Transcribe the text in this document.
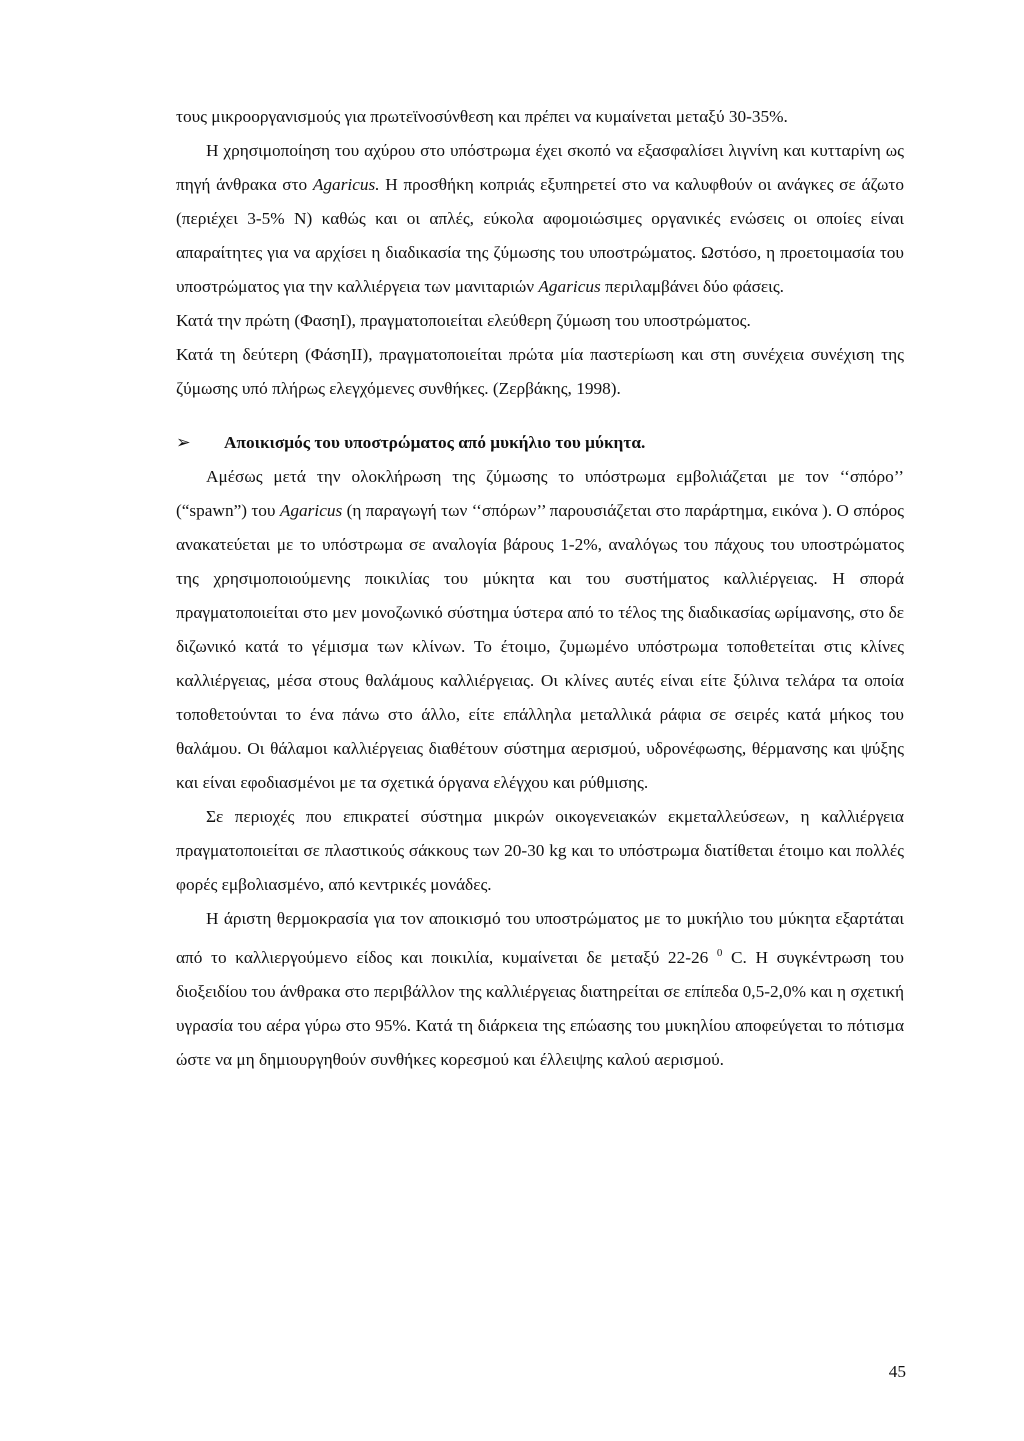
τους μικροοργανισμούς για πρωτεϊνοσύνθεση και πρέπει να κυμαίνεται μεταξύ 30-35%.

Η χρησιμοποίηση του αχύρου στο υπόστρωμα έχει σκοπό να εξασφαλίσει λιγνίνη και κυτταρίνη ως πηγή άνθρακα στο Agaricus. Η προσθήκη κοπριάς εξυπηρετεί στο να καλυφθούν οι ανάγκες σε άζωτο (περιέχει 3-5% N) καθώς και οι απλές, εύκολα αφομοιώσιμες οργανικές ενώσεις οι οποίες είναι απαραίτητες για να αρχίσει η διαδικασία της ζύμωσης του υποστρώματος. Ωστόσο, η προετοιμασία του υποστρώματος για την καλλιέργεια των μανιταριών Agaricus περιλαμβάνει δύο φάσεις.

Κατά την πρώτη (ΦασηΙ), πραγματοποιείται ελεύθερη ζύμωση του υποστρώματος.

Κατά τη δεύτερη (ΦάσηΙΙ), πραγματοποιείται πρώτα μία παστερίωση και στη συνέχεια συνέχιση της ζύμωσης υπό πλήρως ελεγχόμενες συνθήκες. (Ζερβάκης, 1998).

➢	Αποικισμός του υποστρώματος από μυκήλιο του μύκητα.

Αμέσως μετά την ολοκλήρωση της ζύμωσης το υπόστρωμα εμβολιάζεται με τον ‘‘σπόρο’’ (“spawn”) του Agaricus (η παραγωγή των ‘‘σπόρων’’ παρουσιάζεται στο παράρτημα, εικόνα ). Ο σπόρος ανακατεύεται με το υπόστρωμα σε αναλογία βάρους 1-2%, αναλόγως του πάχους του υποστρώματος της χρησιμοποιούμενης ποικιλίας του μύκητα και του συστήματος καλλιέργειας. Η σπορά πραγματοποιείται στο μεν μονοζωνικό σύστημα ύστερα από το τέλος της διαδικασίας ωρίμανσης, στο δε διζωνικό κατά το γέμισμα των κλίνων. Το έτοιμο, ζυμωμένο υπόστρωμα τοποθετείται στις κλίνες καλλιέργειας, μέσα στους θαλάμους καλλιέργειας. Οι κλίνες αυτές είναι είτε ξύλινα τελάρα τα οποία τοποθετούνται το ένα πάνω στο άλλο, είτε επάλληλα μεταλλικά ράφια σε σειρές κατά μήκος του θαλάμου. Οι θάλαμοι καλλιέργειας διαθέτουν σύστημα αερισμού, υδρονέφωσης, θέρμανσης και ψύξης και είναι εφοδιασμένοι με τα σχετικά όργανα ελέγχου και ρύθμισης.

Σε περιοχές που επικρατεί σύστημα μικρών οικογενειακών εκμεταλλεύσεων, η καλλιέργεια πραγματοποιείται σε πλαστικούς σάκκους των 20-30 kg και το υπόστρωμα διατίθεται έτοιμο και πολλές φορές εμβολιασμένο, από κεντρικές μονάδες.

Η άριστη θερμοκρασία για τον αποικισμό του υποστρώματος με το μυκήλιο του μύκητα εξαρτάται από το καλλιεργούμενο είδος και ποικιλία, κυμαίνεται δε μεταξύ 22-26 $^0$ C. Η συγκέντρωση του διοξειδίου του άνθρακα στο περιβάλλον της καλλιέργειας διατηρείται σε επίπεδα 0,5-2,0% και η σχετική υγρασία του αέρα γύρω στο 95%. Κατά τη διάρκεια της επώασης του μυκηλίου αποφεύγεται το πότισμα ώστε να μη δημιουργηθούν συνθήκες κορεσμού και έλλειψης καλού αερισμού.

45
